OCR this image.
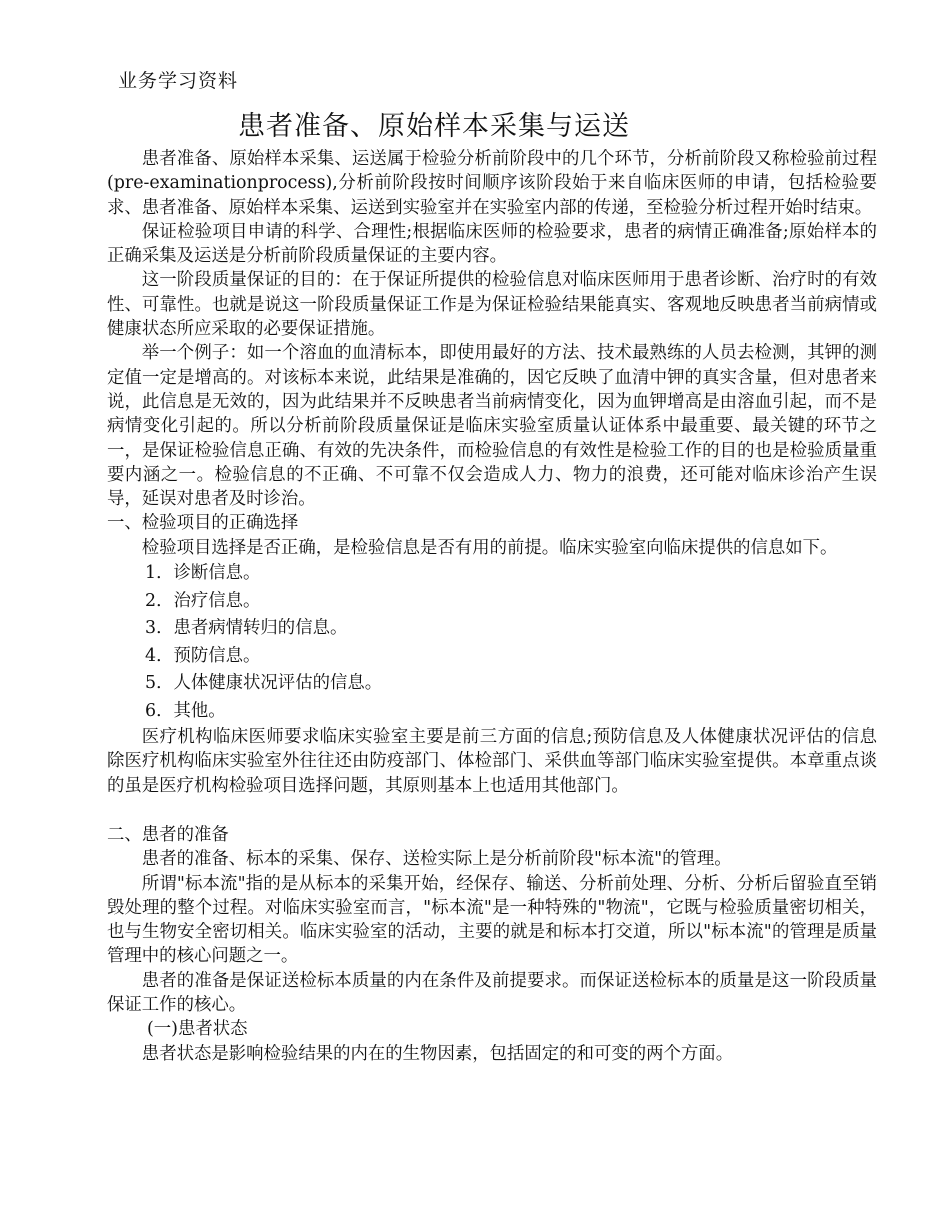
业务学习资料
患者准备、原始样本采集与运送

患者准备、原始样本采集、运送属于检验分析前阶段中的几个环节，分析前阶段又称检验前过程(pre-examinationprocess),分析前阶段按时间顺序该阶段始于来自临床医师的申请，包括检验要求、患者准备、原始样本采集、运送到实验室并在实验室内部的传递，至检验分析过程开始时结束。

保证检验项目申请的科学、合理性;根据临床医师的检验要求，患者的病情正确准备;原始样本的正确采集及运送是分析前阶段质量保证的主要内容。

这一阶段质量保证的目的：在于保证所提供的检验信息对临床医师用于患者诊断、治疗时的有效性、可靠性。也就是说这一阶段质量保证工作是为保证检验结果能真实、客观地反映患者当前病情或健康状态所应采取的必要保证措施。

举一个例子：如一个溶血的血清标本，即使用最好的方法、技术最熟练的人员去检测，其钾的测定值一定是增高的。对该标本来说，此结果是准确的，因它反映了血清中钾的真实含量，但对患者来说，此信息是无效的，因为此结果并不反映患者当前病情变化，因为血钾增高是由溶血引起，而不是病情变化引起的。所以分析前阶段质量保证是临床实验室质量认证体系中最重要、最关键的环节之一，是保证检验信息正确、有效的先决条件，而检验信息的有效性是检验工作的目的也是检验质量重要内涵之一。检验信息的不正确、不可靠不仅会造成人力、物力的浪费，还可能对临床诊治产生误导，延误对患者及时诊治。

一、检验项目的正确选择

检验项目选择是否正确，是检验信息是否有用的前提。临床实验室向临床提供的信息如下。

1．诊断信息。

2．治疗信息。

3．患者病情转归的信息。

4．预防信息。

5．人体健康状况评估的信息。

6．其他。

医疗机构临床医师要求临床实验室主要是前三方面的信息;预防信息及人体健康状况评估的信息除医疗机构临床实验室外往往还由防疫部门、体检部门、采供血等部门临床实验室提供。本章重点谈的虽是医疗机构检验项目选择问题，其原则基本上也适用其他部门。

二、患者的准备

患者的准备、标本的采集、保存、送检实际上是分析前阶段"标本流"的管理。

所谓"标本流"指的是从标本的采集开始，经保存、输送、分析前处理、分析、分析后留验直至销毁处理的整个过程。对临床实验室而言，"标本流"是一种特殊的"物流"，它既与检验质量密切相关，也与生物安全密切相关。临床实验室的活动，主要的就是和标本打交道，所以"标本流"的管理是质量管理中的核心问题之一。

患者的准备是保证送检标本质量的内在条件及前提要求。而保证送检标本的质量是这一阶段质量保证工作的核心。

(一)患者状态

患者状态是影响检验结果的内在的生物因素，包括固定的和可变的两个方面。
